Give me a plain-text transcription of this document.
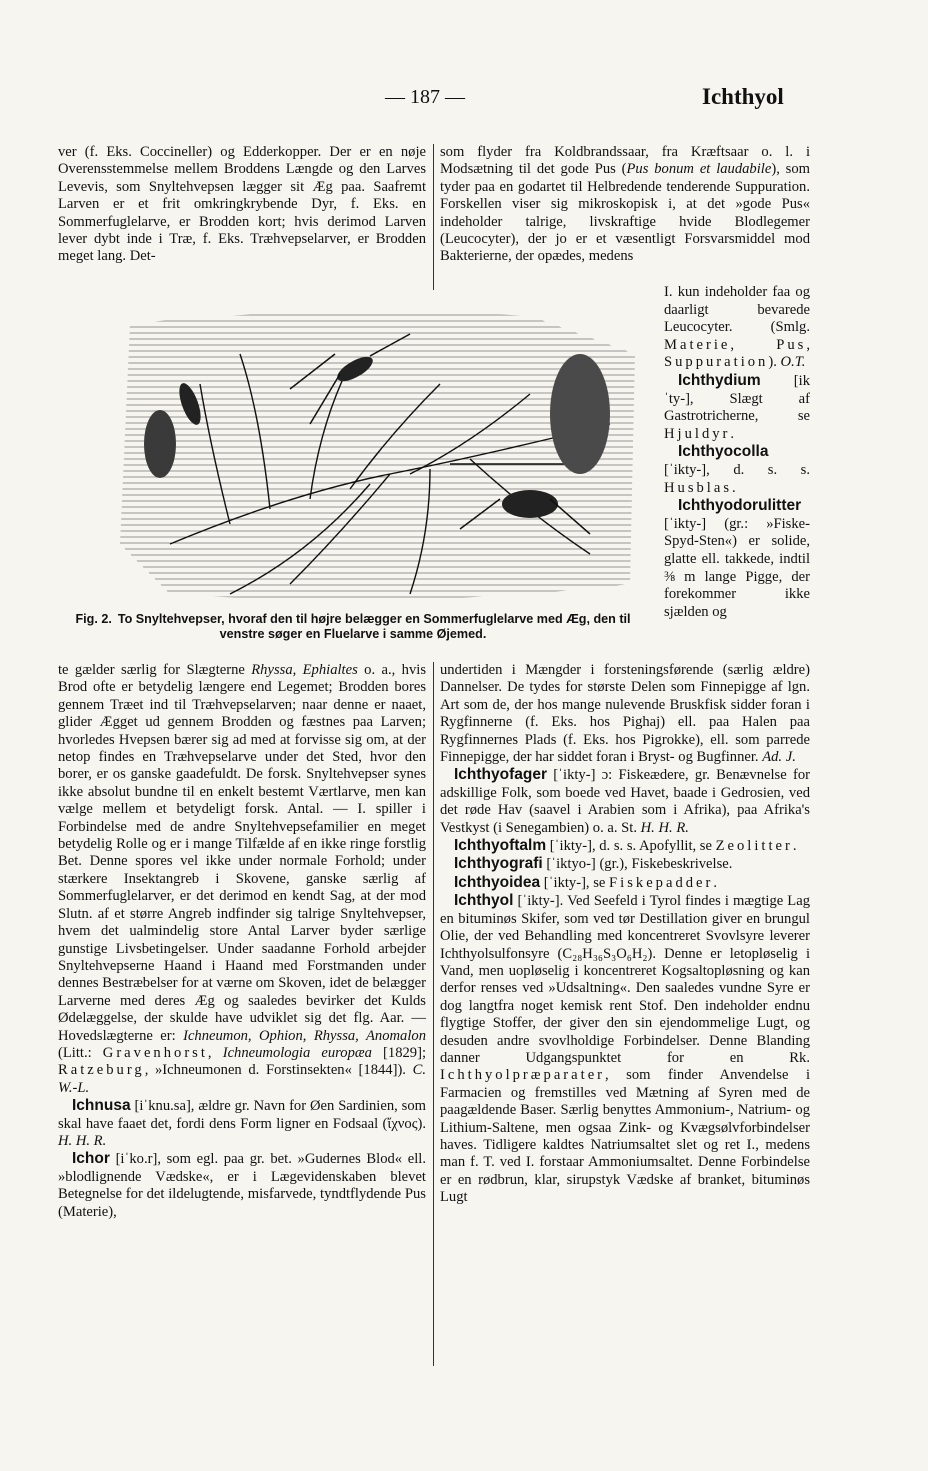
— 187 —	Ichthyol

ver (f. Eks. Coccineller) og Edderkopper. Der er en nøje Overensstemmelse mellem Broddens Længde og den Larves Levevis, som Snyltehvepsen lægger sit Æg paa. Saafremt Larven er et frit omkringkrybende Dyr, f. Eks. en Sommerfuglelarve, er Brodden kort; hvis derimod Larven lever dybt inde i Træ, f. Eks. Træhvepselarver, er Brodden meget lang. Det-

som flyder fra Koldbrandssaar, fra Kræftsaar o. l. i Modsætning til det gode Pus (Pus bonum et laudabile), som tyder paa en godartet til Helbredende tenderende Suppuration. Forskellen viser sig mikroskopisk i, at det »gode Pus« indeholder talrige, livskraftige hvide Blodlegemer (Leucocyter), der jo er et væsentligt Forsvarsmiddel mod Bakterierne, der opædes, medens

Fig. 2. To Snyltehvepser, hvoraf den til højre belægger en Sommerfuglelarve med Æg, den til venstre søger en Fluelarve i samme Øjemed.

I. kun indeholder faa og daarligt bevarede Leucocyter. (Smlg. Materie, Pus, Suppuration). O.T.

Ichthydium [ikˈty-], Slægt af Gastrotricherne, se Hjuldyr.

Ichthyocolla [ˈikty-], d. s. s. Husblas.

Ichthyodorulitter [ˈikty-] (gr.: »Fiske-Spyd-Sten«) er solide, glatte ell. takkede, indtil ⅜ m lange Pigge, der forekommer ikke sjælden og

te gælder særlig for Slægterne Rhyssa, Ephialtes o. a., hvis Brod ofte er betydelig længere end Legemet; Brodden bores gennem Træet ind til Træhvepselarven; naar denne er naaet, glider Ægget ud gennem Brodden og fæstnes paa Larven; hvorledes Hvepsen bærer sig ad med at forvisse sig om, at der netop findes en Træhvepselarve under det Sted, hvor den borer, er os ganske gaadefuldt. De forsk. Snyltehvepser synes ikke absolut bundne til en enkelt bestemt Værtlarve, men kan vælge mellem et betydeligt forsk. Antal. — I. spiller i Forbindelse med de andre Snyltehvepsefamilier en meget betydelig Rolle og er i mange Tilfælde af en ikke ringe forstlig Bet. Denne spores vel ikke under normale Forhold; under stærkere Insektangreb i Skovene, ganske særlig af Sommerfuglelarver, er det derimod en kendt Sag, at der mod Slutn. af et større Angreb indfinder sig talrige Snyltehvepser, hvem det ualmindelig store Antal Larver byder særlige gunstige Livsbetingelser. Under saadanne Forhold arbejder Snyltehvepserne Haand i Haand med Forstmanden under dennes Bestræbelser for at værne om Skoven, idet de belægger Larverne med deres Æg og saaledes bevirker det Kulds Ødelæggelse, der skulde have udviklet sig det flg. Aar. — Hovedslægterne er: Ichneumon, Ophion, Rhyssa, Anomalon (Litt.: Gravenhorst, Ichneumologia europæa [1829]; Ratzeburg, »Ichneumonen d. Forstinsekten« [1844]). C. W.-L.

Ichnusa [iˈknu.sa], ældre gr. Navn for Øen Sardinien, som skal have faaet det, fordi dens Form ligner en Fodsaal (ἴχνος). H. H. R.

Ichor [iˈko.r], som egl. paa gr. bet. »Gudernes Blod« ell. »blodlignende Vædske«, er i Lægevidenskaben blevet Betegnelse for det ildelugtende, misfarvede, tyndtflydende Pus (Materie),

undertiden i Mængder i forsteningsførende (særlig ældre) Dannelser. De tydes for største Delen som Finnepigge af lgn. Art som de, der hos mange nulevende Bruskfisk sidder foran i Rygfinnerne (f. Eks. hos Pighaj) ell. paa Halen paa Rygfinnernes Plads (f. Eks. hos Pigrokke), ell. som parrede Finnepigge, der har siddet foran i Bryst- og Bugfinner. Ad. J.

Ichthyofager [ˈikty-] ɔ: Fiskeædere, gr. Benævnelse for adskillige Folk, som boede ved Havet, baade i Gedrosien, ved det røde Hav (saavel i Arabien som i Afrika), paa Afrika's Vestkyst (i Senegambien) o. a. St. H. H. R.

Ichthyoftalm [ˈikty-], d. s. s. Apofyllit, se Zeolitter.

Ichthyografi [ˈiktyo-] (gr.), Fiskebeskrivelse.

Ichthyoidea [ˈikty-], se Fiskepadder.

Ichthyol [ˈikty-]. Ved Seefeld i Tyrol findes i mægtige Lag en bituminøs Skifer, som ved tør Destillation giver en brungul Olie, der ved Behandling med koncentreret Svovlsyre leverer Ichthyolsulfonsyre (C₂₈H₃₆S₃O₆H₂). Denne er letopløselig i Vand, men uopløselig i koncentreret Kogsaltopløsning og kan derfor renses ved »Udsaltning«. Den saaledes vundne Syre er dog langtfra noget kemisk rent Stof. Den indeholder endnu flygtige Stoffer, der giver den sin ejendommelige Lugt, og desuden andre svovlholdige Forbindelser. Denne Blanding danner Udgangspunktet for en Rk. Ichthyolpræparater, som finder Anvendelse i Farmacien og fremstilles ved Mætning af Syren med de paagældende Baser. Særlig benyttes Ammonium-, Natrium- og Lithium-Saltene, men ogsaa Zink- og Kvægsølvforbindelser haves. Tidligere kaldtes Natriumsaltet slet og ret I., medens man f. T. ved I. forstaar Ammoniumsaltet. Denne Forbindelse er en rødbrun, klar, sirupstyk Vædske af branket, bituminøs Lugt
